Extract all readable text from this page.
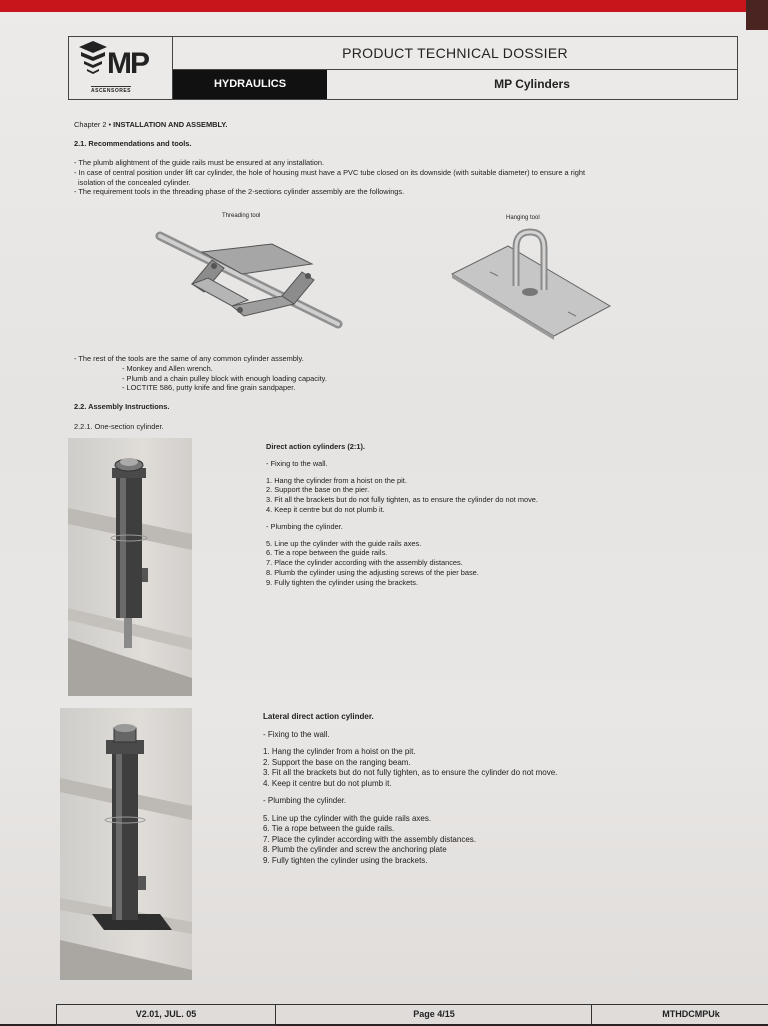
MP
ASCENSORES
PRODUCT TECHNICAL DOSSIER
HYDRAULICS	MP Cylinders
Chapter 2 • INSTALLATION AND ASSEMBLY.
2.1. Recommendations and tools.
- The plumb alightment of the guide rails must be ensured at any installation.
- In case of central position under lift car cylinder, the hole of housing must have a PVC tube closed on its downside (with suitable diameter) to ensure a right
isolation of the concealed cylinder.
- The requirement tools in the threading phase of the 2-sections cylinder assembly are the followings.
Threading tool	Hanging tool
- The rest of the tools are the same of any common cylinder assembly.
- Monkey and Allen wrench.
- Plumb and a chain pulley block with enough loading capacity.
- LOCTITE 586, putty knife and fine grain sandpaper.
2.2. Assembly Instructions.
2.2.1. One-section cylinder.
Direct action cylinders (2:1).
- Fixing to the wall.
1. Hang the cylinder from a hoist on the pit.
2. Support the base on the pier.
3. Fit all the brackets but do not fully tighten, as to ensure the cylinder do not move.
4. Keep it centre but do not plumb it.
- Plumbing the cylinder.
5. Line up the cylinder with the guide rails axes.
6. Tie a rope between the guide rails.
7. Place the cylinder according with the assembly distances.
8. Plumb the cylinder using the adjusting screws of the pier base.
9. Fully tighten the cylinder using the brackets.
Lateral direct action cylinder.
- Fixing to the wall.
1. Hang the cylinder from a hoist on the pit.
2. Support the base on the ranging beam.
3. Fit all the brackets but do not fully tighten, as to ensure the cylinder do not move.
4. Keep it centre but do not plumb it.
- Plumbing the cylinder.
5. Line up the cylinder with the guide rails axes.
6. Tie a rope between the guide rails.
7. Place the cylinder according with the assembly distances.
8. Plumb the cylinder and screw the anchoring plate
9. Fully tighten the cylinder using the brackets.
V2.01, JUL. 05	Page 4/15	MTHDCMPUk
